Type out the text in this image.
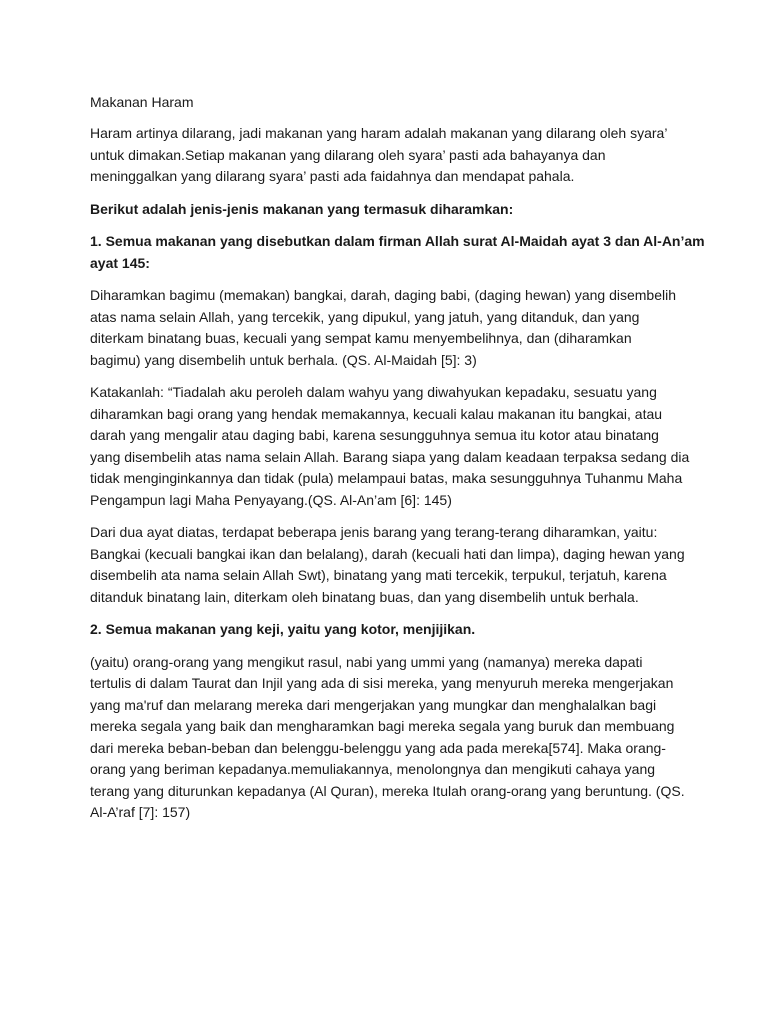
Makanan Haram
Haram artinya dilarang, jadi makanan yang haram adalah makanan yang dilarang oleh syara’
untuk dimakan.Setiap makanan yang dilarang oleh syara’ pasti ada bahayanya dan
meninggalkan yang dilarang syara’ pasti ada faidahnya dan mendapat pahala.
Berikut adalah jenis-jenis makanan yang termasuk diharamkan:
1. Semua makanan yang disebutkan dalam firman Allah surat Al-Maidah ayat 3 dan Al-An’am
ayat 145:
Diharamkan bagimu (memakan) bangkai, darah, daging babi, (daging hewan) yang disembelih
atas nama selain Allah, yang tercekik, yang dipukul, yang jatuh, yang ditanduk, dan yang
diterkam binatang buas, kecuali yang sempat kamu menyembelihnya, dan (diharamkan
bagimu) yang disembelih untuk berhala. (QS. Al-Maidah [5]: 3)
Katakanlah: “Tiadalah aku peroleh dalam wahyu yang diwahyukan kepadaku, sesuatu yang
diharamkan bagi orang yang hendak memakannya, kecuali kalau makanan itu bangkai, atau
darah yang mengalir atau daging babi, karena sesungguhnya semua itu kotor atau binatang
yang disembelih atas nama selain Allah. Barang siapa yang dalam keadaan terpaksa sedang dia
tidak menginginkannya dan tidak (pula) melampaui batas, maka sesungguhnya Tuhanmu Maha
Pengampun lagi Maha Penyayang.(QS. Al-An’am [6]: 145)
Dari dua ayat diatas, terdapat beberapa jenis barang yang terang-terang diharamkan, yaitu:
Bangkai (kecuali bangkai ikan dan belalang), darah (kecuali hati dan limpa), daging hewan yang
disembelih ata nama selain Allah Swt), binatang yang mati tercekik, terpukul, terjatuh, karena
ditanduk binatang lain, diterkam oleh binatang buas, dan yang disembelih untuk berhala.
2. Semua makanan yang keji, yaitu yang kotor, menjijikan.
(yaitu) orang-orang yang mengikut rasul, nabi yang ummi yang (namanya) mereka dapati
tertulis di dalam Taurat dan Injil yang ada di sisi mereka, yang menyuruh mereka mengerjakan
yang ma'ruf dan melarang mereka dari mengerjakan yang mungkar dan menghalalkan bagi
mereka segala yang baik dan mengharamkan bagi mereka segala yang buruk dan membuang
dari mereka beban-beban dan belenggu-belenggu yang ada pada mereka[574]. Maka orang-
orang yang beriman kepadanya.memuliakannya, menolongnya dan mengikuti cahaya yang
terang yang diturunkan kepadanya (Al Quran), mereka Itulah orang-orang yang beruntung. (QS.
Al-A’raf [7]: 157)
